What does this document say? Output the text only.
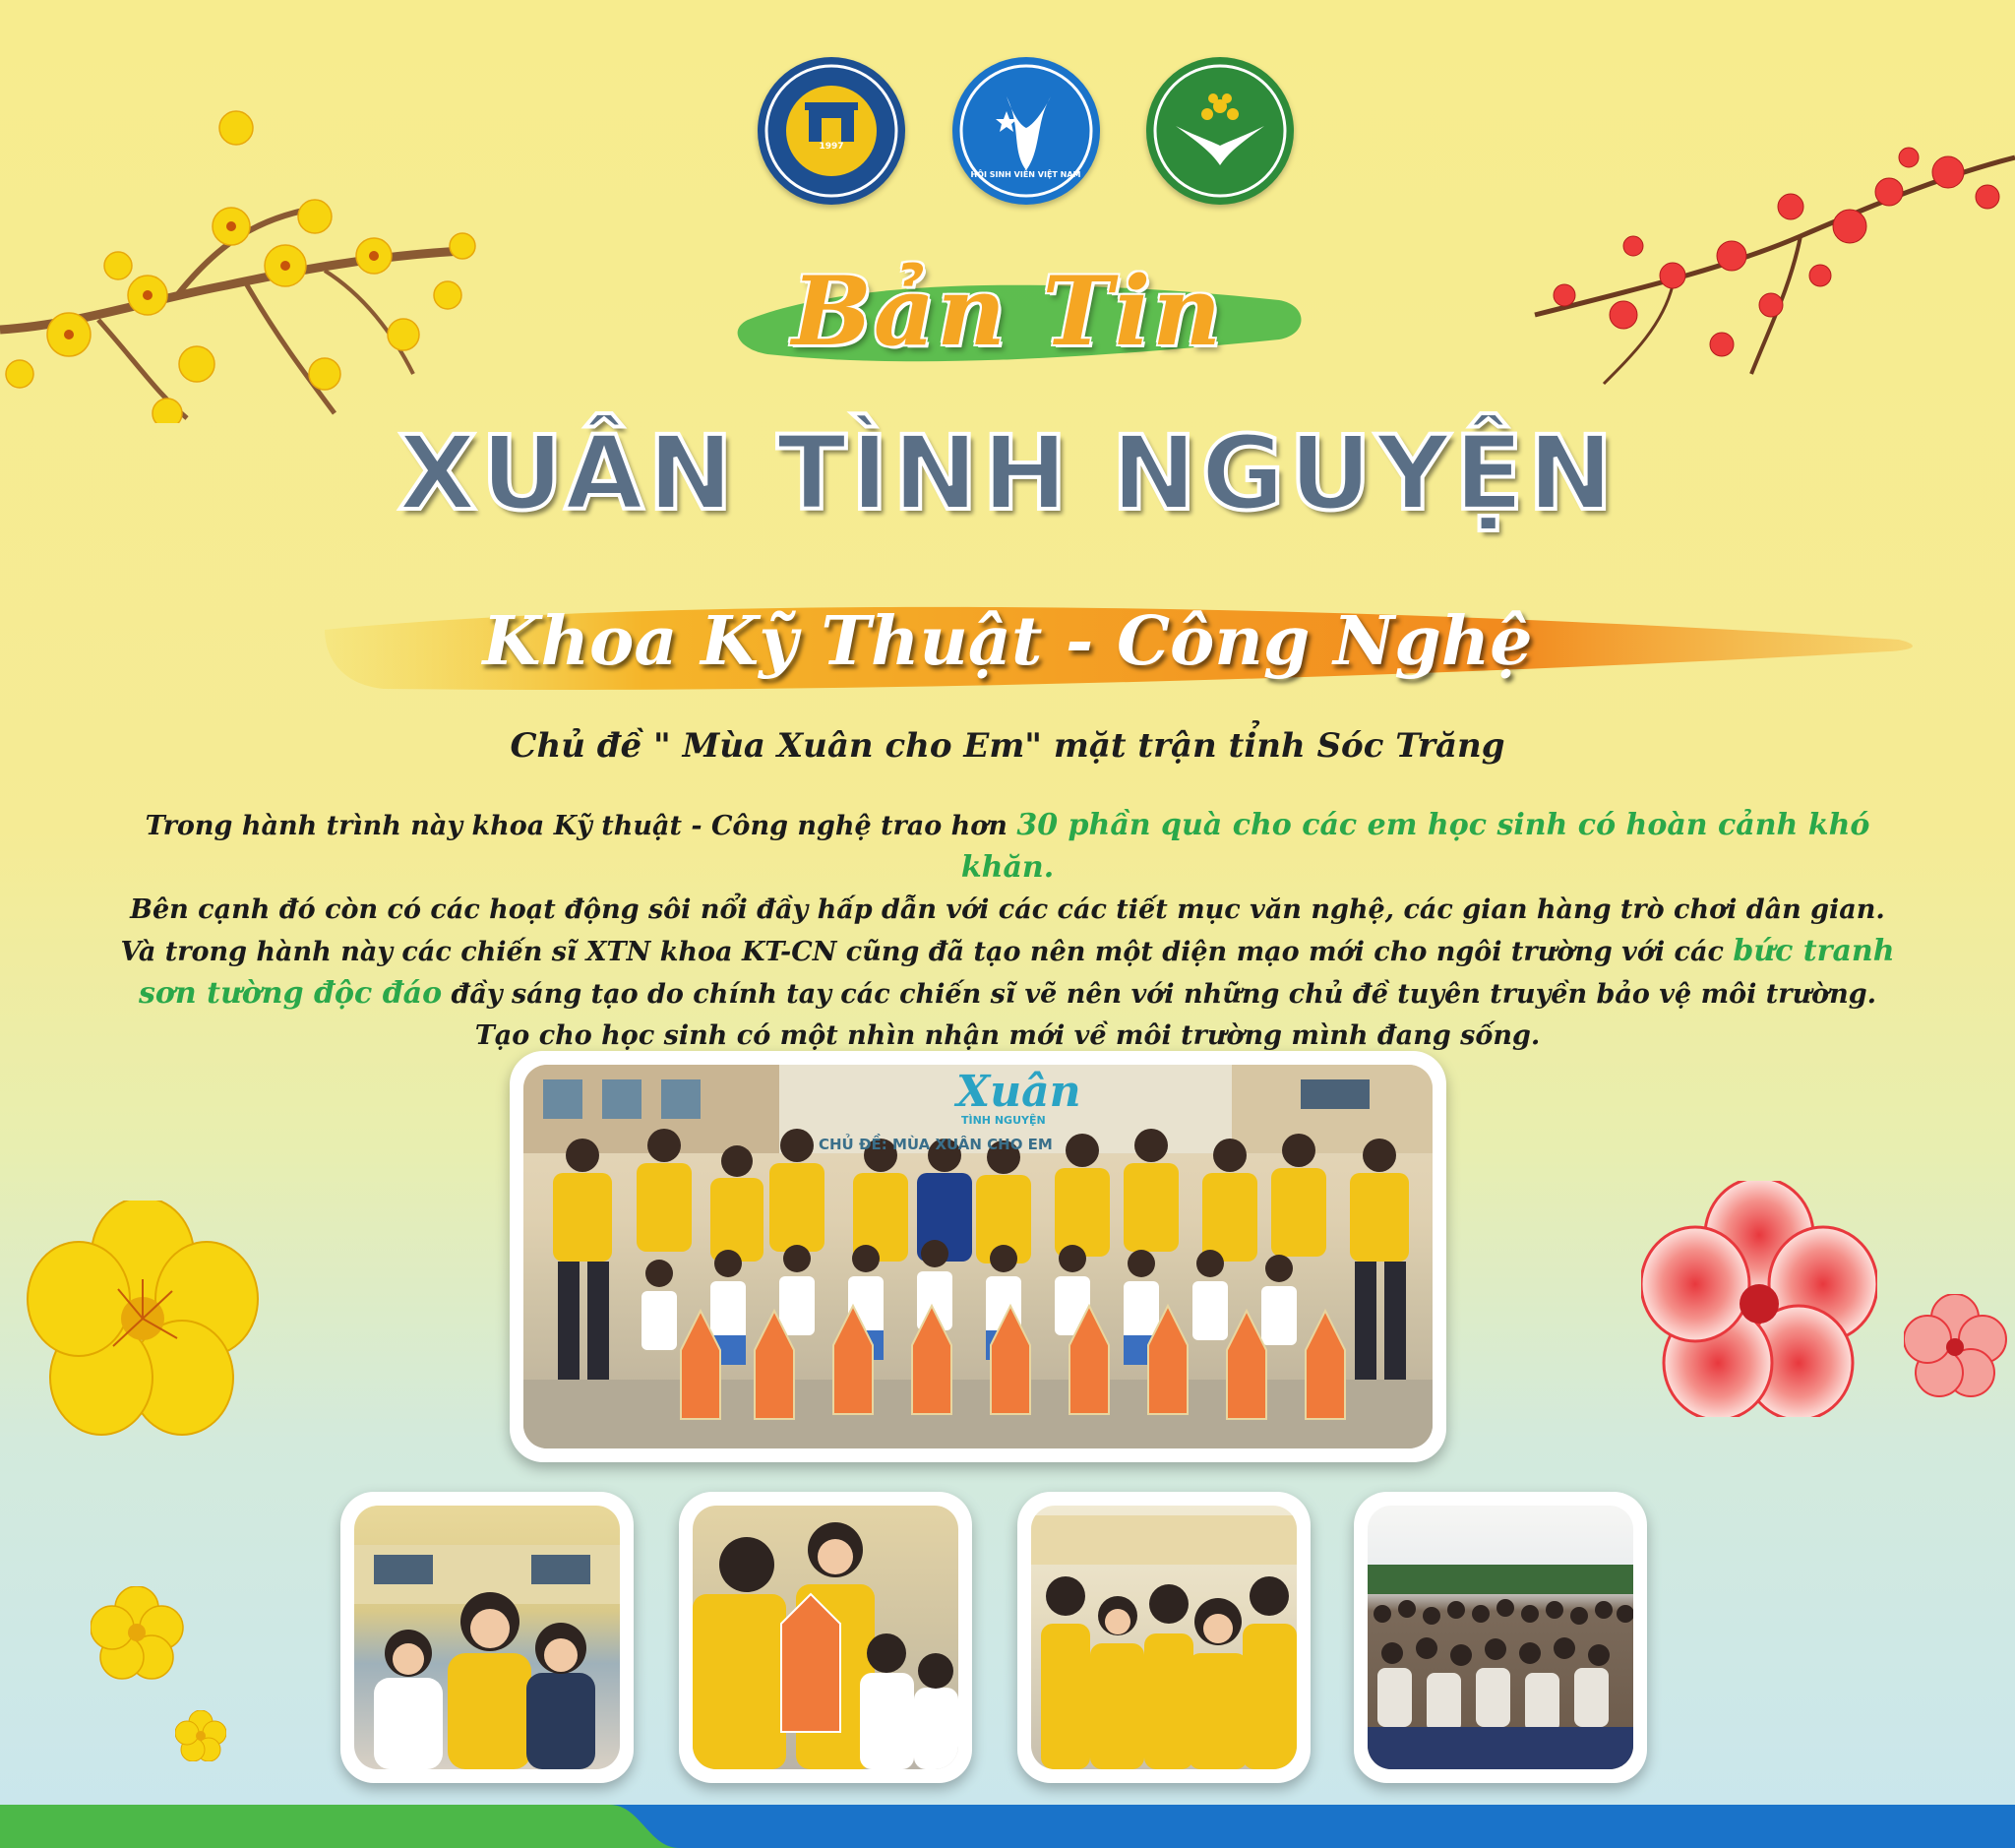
1997
HỘI SINH VIÊN VIỆT NAM
Bản Tin
XUÂN TÌNH NGUYỆN
Khoa Kỹ Thuật - Công Nghệ
Chủ đề " Mùa Xuân cho Em" mặt trận tỉnh Sóc Trăng
Trong hành trình này khoa Kỹ thuật - Công nghệ trao hơn 30 phần quà cho các em học sinh có hoàn cảnh khó khăn.
Bên cạnh đó còn có các hoạt động sôi nổi đầy hấp dẫn với các các tiết mục văn nghệ, các gian hàng trò chơi dân gian.
Và trong hành này các chiến sĩ XTN khoa KT-CN cũng đã tạo nên một diện mạo mới cho ngôi trường với các bức tranh
sơn tường độc đáo đầy sáng tạo do chính tay các chiến sĩ vẽ nên với những chủ đề tuyên truyền bảo vệ môi trường.
Tạo cho học sinh có một nhìn nhận mới về môi trường mình đang sống.
Xuân
TÌNH NGUYỆN
CHỦ ĐỀ: MÙA XUÂN CHO EM
